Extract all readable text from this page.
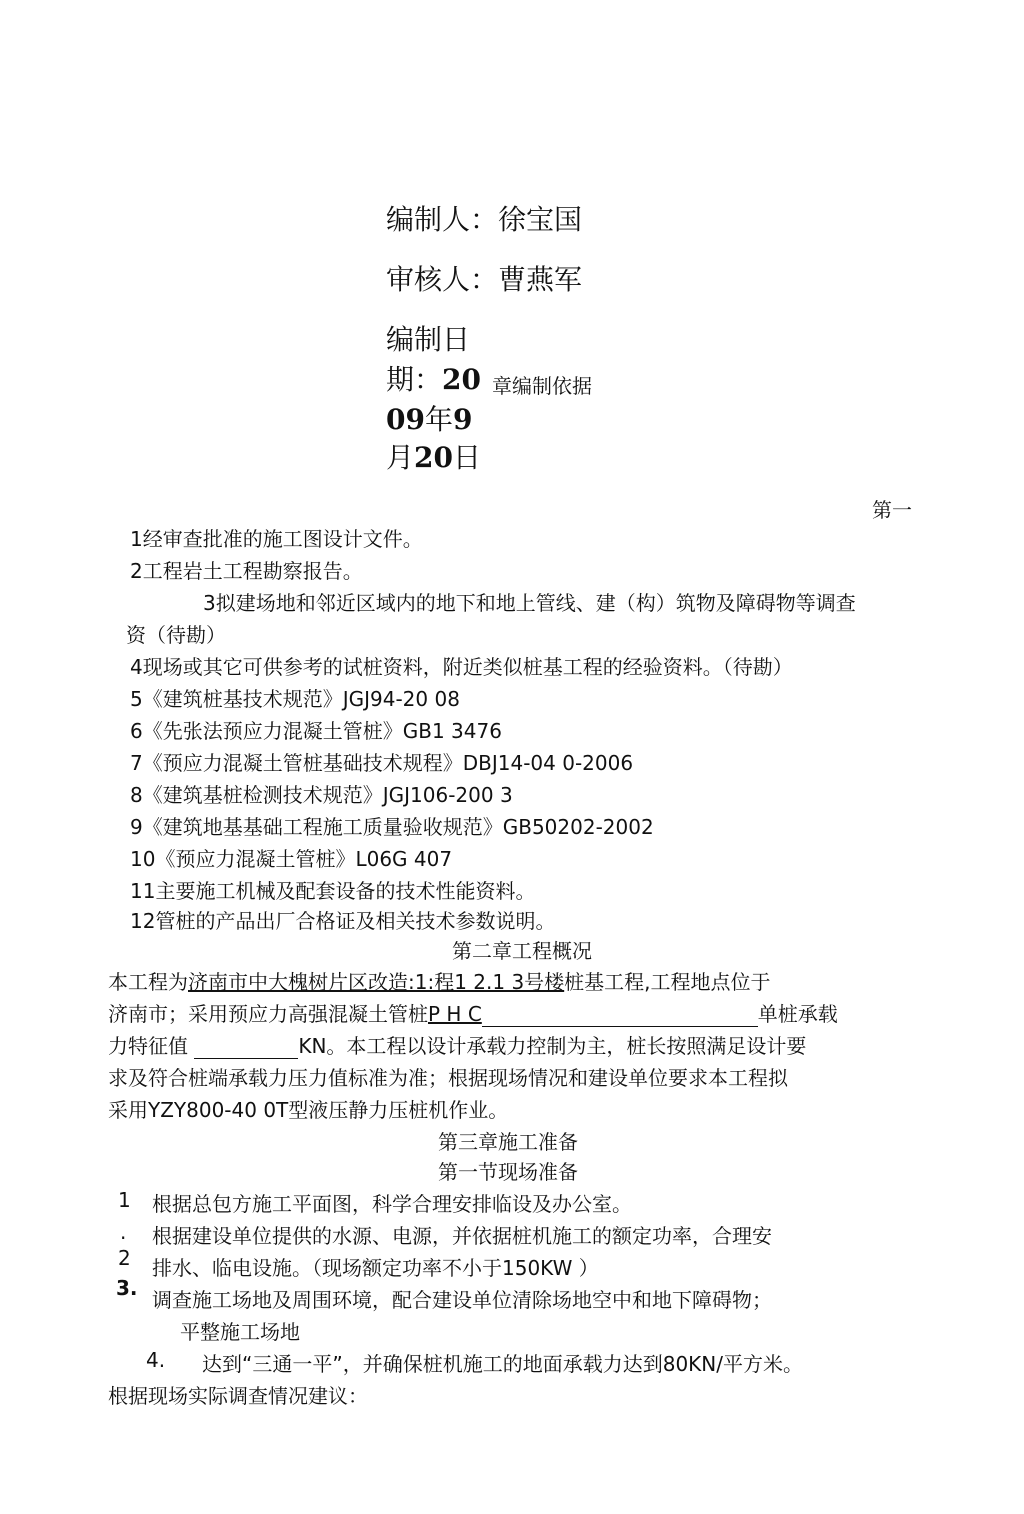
编制人：徐宝国
审核人：曹燕军
编制日
期：20 章编制依据
09年9
月20日
第一
1经审查批准的施工图设计文件。
2工程岩土工程勘察报告。
3拟建场地和邻近区域内的地下和地上管线、建（构）筑物及障碍物等调查
资（待勘）
4现场或其它可供参考的试桩资料，附近类似桩基工程的经验资料。（待勘）
5《建筑桩基技术规范》JGJ94-20 08
6《先张法预应力混凝土管桩》GB1 3476
7《预应力混凝土管桩基础技术规程》DBJ14-04 0-2006
8《建筑基桩检测技术规范》JGJ106-200 3
9《建筑地基基础工程施工质量验收规范》GB50202-2002
10《预应力混凝土管桩》L06G 407
11主要施工机械及配套设备的技术性能资料。
12管桩的产品出厂合格证及相关技术参数说明。
第二章工程概况
本工程为济南市中大槐树片区改造:1:程1 2.1 3号楼桩基工程,工程地点位于
济南市；采用预应力高强混凝土管桩P H C	单桩承载
力特征值	KN。本工程以设计承载力控制为主，桩长按照满足设计要
求及符合桩端承载力压力值标准为准；根据现场情况和建设单位要求本工程拟
采用YZY800-40 0T型液压静力压桩机作业。
第三章施工准备
第一节现场准备
1 根据总包方施工平面图，科学合理安排临设及办公室。
. 根据建设单位提供的水源、电源，并依据桩机施工的额定功率，合理安
2 排水、临电设施。（现场额定功率不小于150KW ）
3. 调查施工场地及周围环境，配合建设单位清除场地空中和地下障碍物；
平整施工场地
4. 达到“三通一平”，并确保桩机施工的地面承载力达到80KN/平方米。
根据现场实际调查情况建议：
